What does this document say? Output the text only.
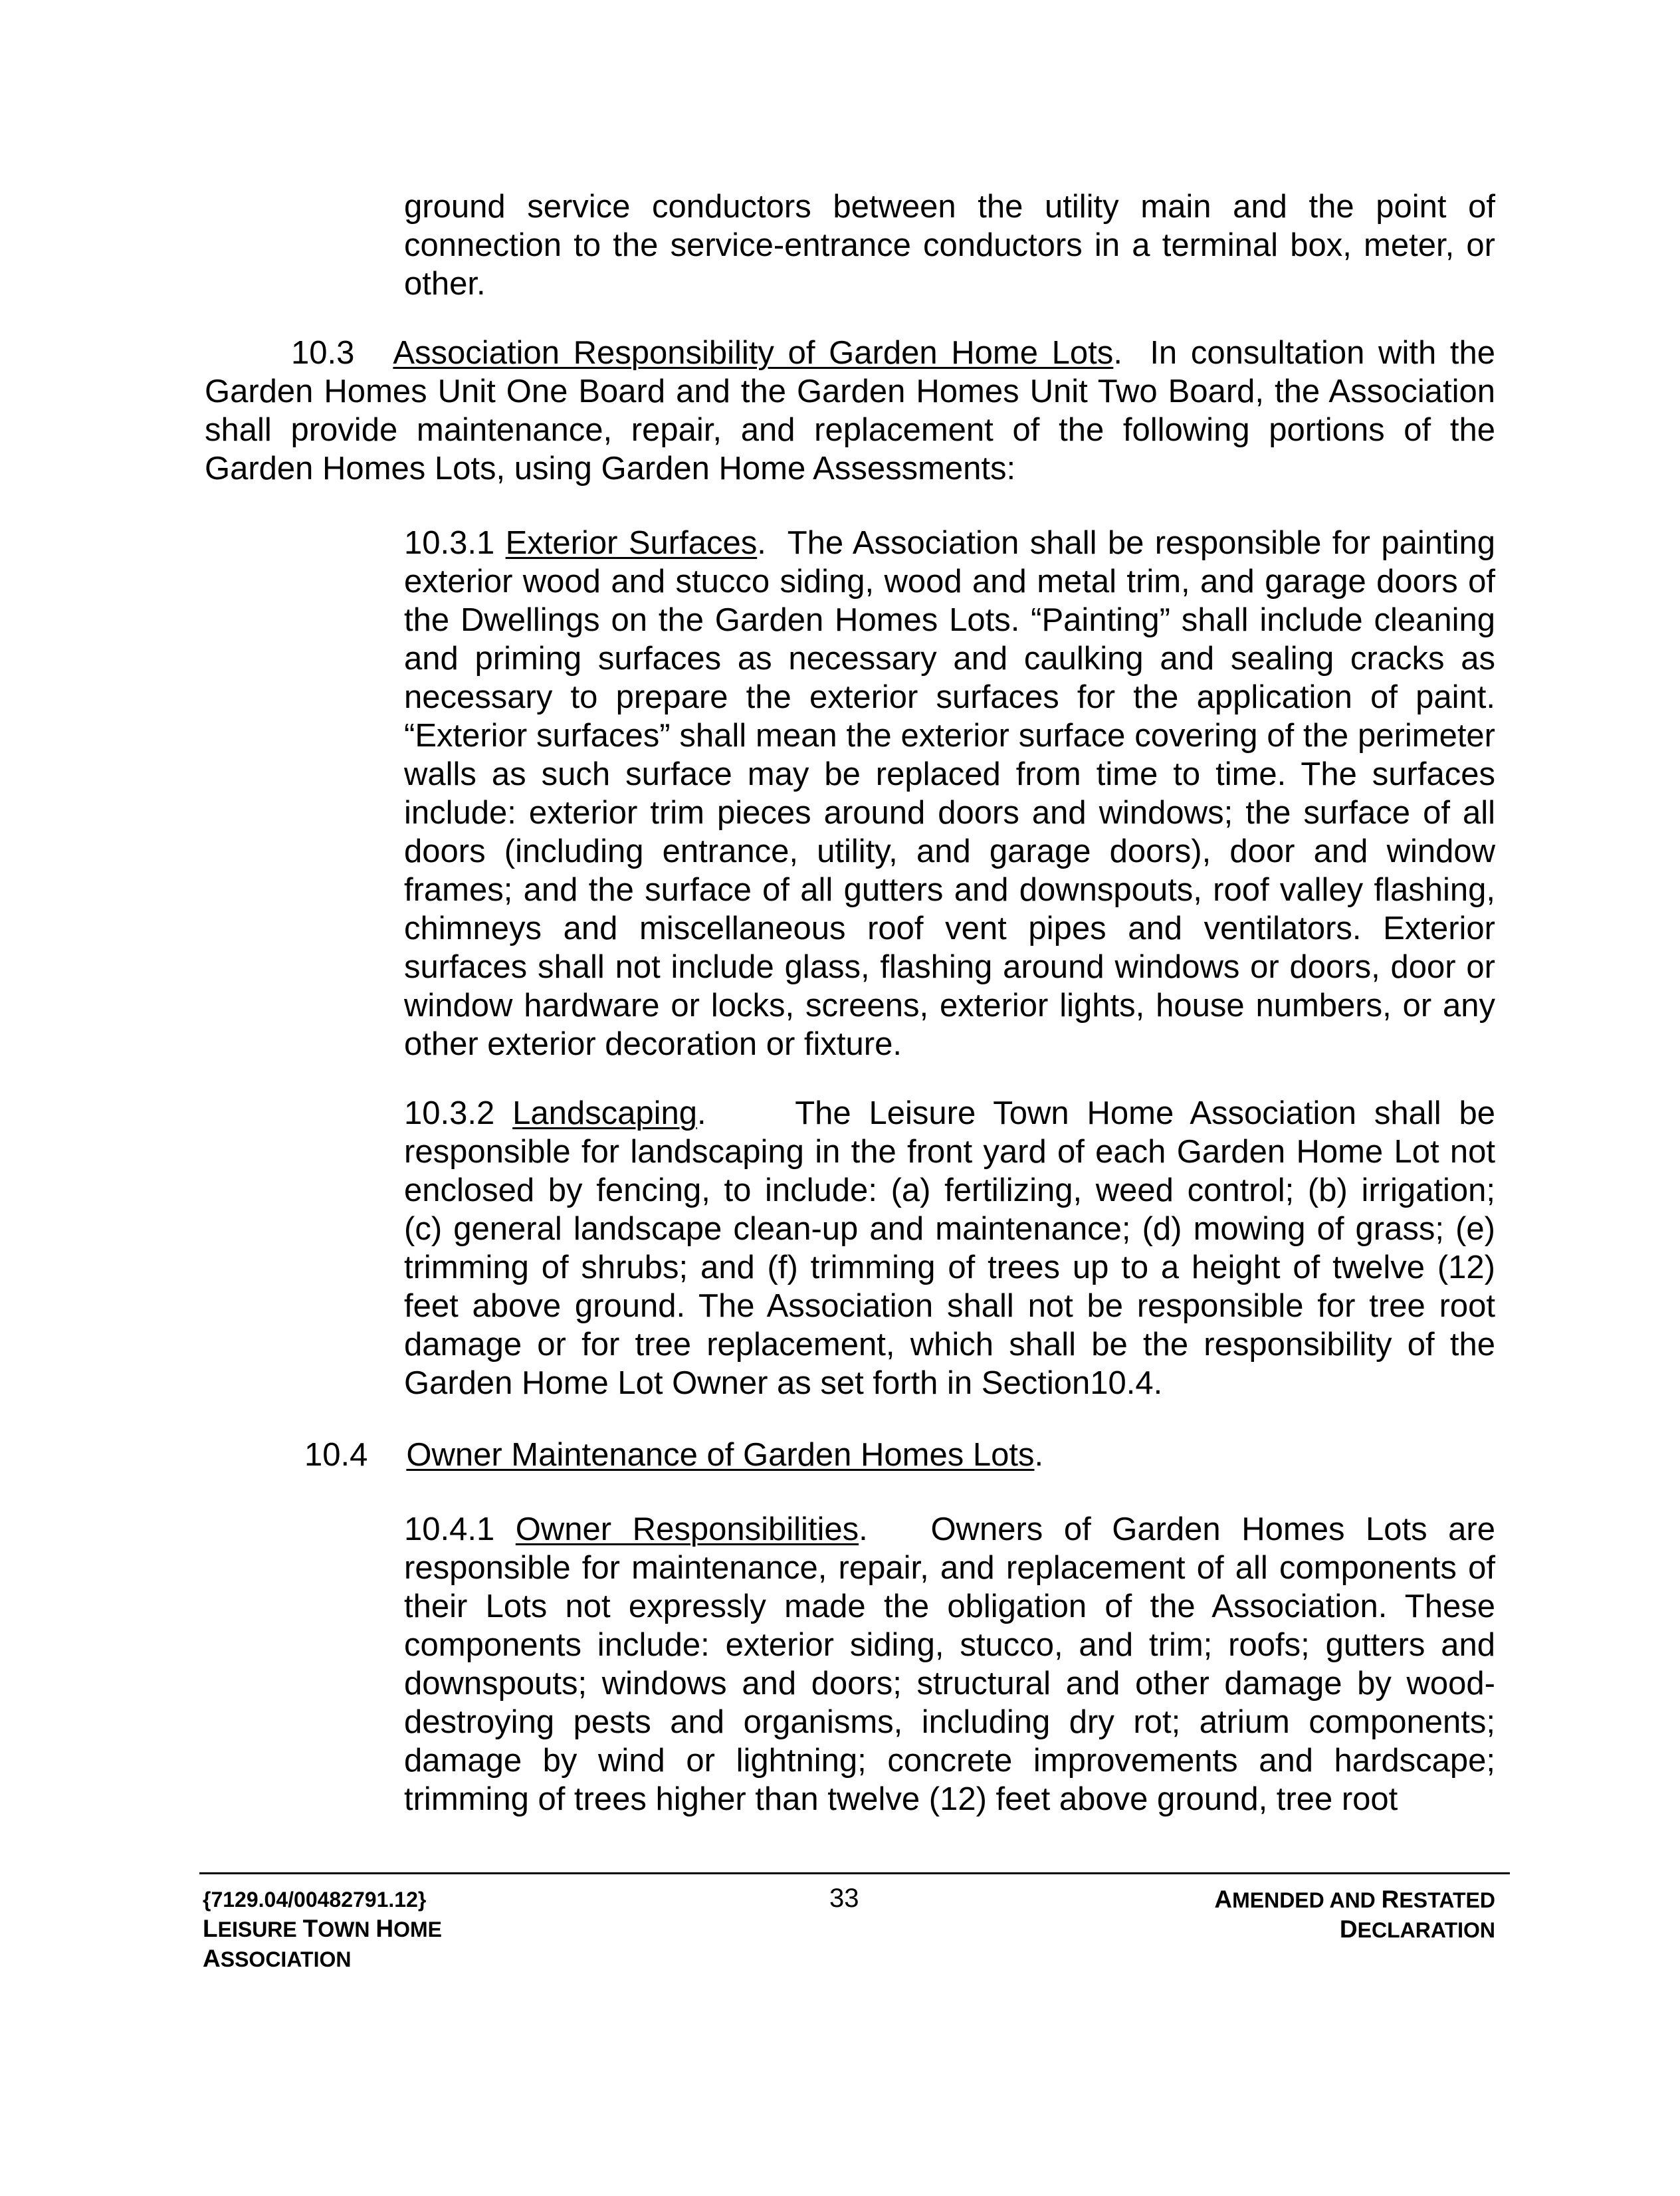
ground service conductors between the utility main and the point of connection to the service-entrance conductors in a terminal box, meter, or other.

10.3 Association Responsibility of Garden Home Lots. In consultation with the Garden Homes Unit One Board and the Garden Homes Unit Two Board, the Association shall provide maintenance, repair, and replacement of the following portions of the Garden Homes Lots, using Garden Home Assessments:

10.3.1 Exterior Surfaces. The Association shall be responsible for painting exterior wood and stucco siding, wood and metal trim, and garage doors of the Dwellings on the Garden Homes Lots. “Painting” shall include cleaning and priming surfaces as necessary and caulking and sealing cracks as necessary to prepare the exterior surfaces for the application of paint. “Exterior surfaces” shall mean the exterior surface covering of the perimeter walls as such surface may be replaced from time to time. The surfaces include: exterior trim pieces around doors and windows; the surface of all doors (including entrance, utility, and garage doors), door and window frames; and the surface of all gutters and downspouts, roof valley flashing, chimneys and miscellaneous roof vent pipes and ventilators. Exterior surfaces shall not include glass, flashing around windows or doors, door or window hardware or locks, screens, exterior lights, house numbers, or any other exterior decoration or fixture.

10.3.2 Landscaping.	The Leisure Town Home Association shall be responsible for landscaping in the front yard of each Garden Home Lot not enclosed by fencing, to include: (a) fertilizing, weed control; (b) irrigation; (c) general landscape clean-up and maintenance; (d) mowing of grass; (e) trimming of shrubs; and (f) trimming of trees up to a height of twelve (12) feet above ground. The Association shall not be responsible for tree root damage or for tree replacement, which shall be the responsibility of the Garden Home Lot Owner as set forth in Section10.4.

10.4 Owner Maintenance of Garden Homes Lots.

10.4.1 Owner Responsibilities. Owners of Garden Homes Lots are responsible for maintenance, repair, and replacement of all components of their Lots not expressly made the obligation of the Association. These components include: exterior siding, stucco, and trim; roofs; gutters and downspouts; windows and doors; structural and other damage by wood-destroying pests and organisms, including dry rot; atrium components; damage by wind or lightning; concrete improvements and hardscape; trimming of trees higher than twelve (12) feet above ground, tree root

{7129.04/00482791.12}
LEISURE TOWN HOME
ASSOCIATION
33	AMENDED AND RESTATED
DECLARATION
